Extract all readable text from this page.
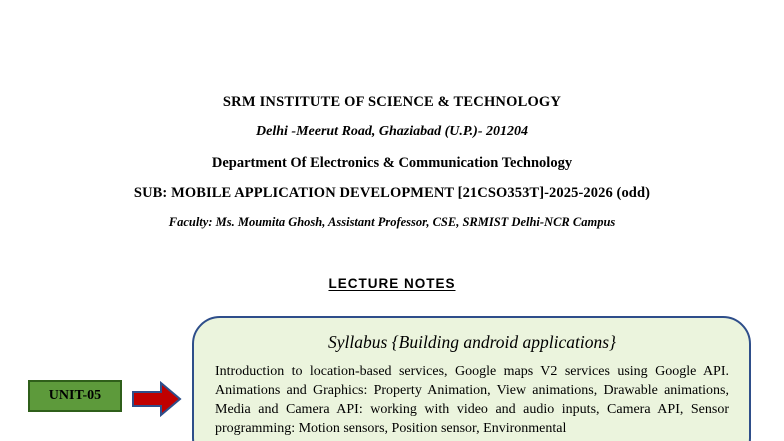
SRM INSTITUTE OF SCIENCE & TECHNOLOGY
Delhi -Meerut Road, Ghaziabad (U.P.)- 201204
Department Of Electronics & Communication Technology
SUB: MOBILE APPLICATION DEVELOPMENT [21CSO353T]-2025-2026 (odd)
Faculty: Ms. Moumita Ghosh, Assistant Professor, CSE, SRMIST Delhi-NCR Campus
LECTURE NOTES
UNIT-05
Syllabus {Building android applications}
Introduction to location-based services, Google maps V2 services using Google API. Animations and Graphics: Property Animation, View animations, Drawable animations, Media and Camera API: working with video and audio inputs, Camera API, Sensor programming: Motion sensors, Position sensor, Environmental
